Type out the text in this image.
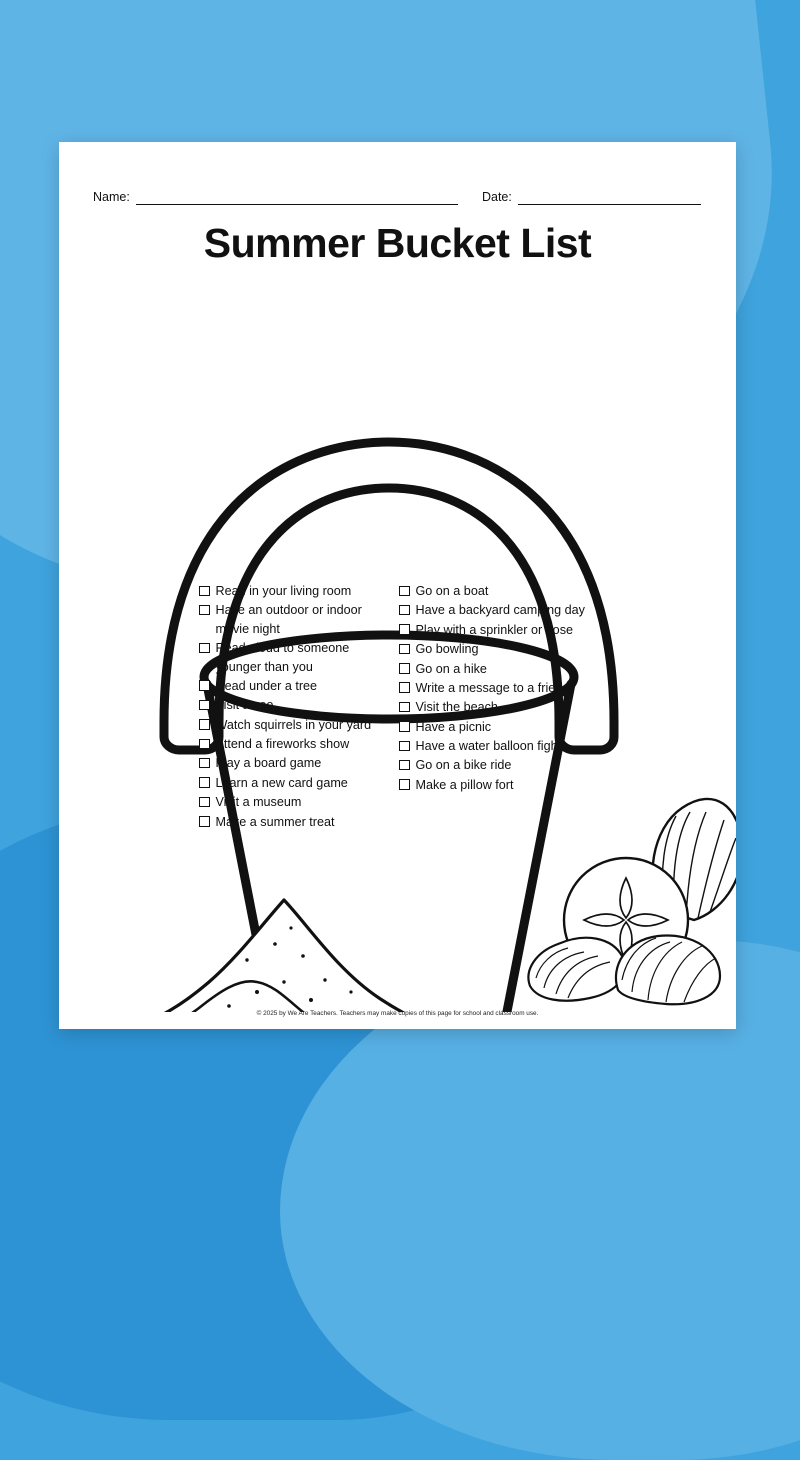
Name:	Date:
Summer Bucket List
Read in your living room
Have an outdoor or indoor movie night
Read aloud to someone younger than you
Read under a tree
Visit a zoo
Watch squirrels in your yard
Attend a fireworks show
Play a board game
Learn a new card game
Visit a museum
Make a summer treat
Go on a boat
Have a backyard camping day
Play with a sprinkler or hose
Go bowling
Go on a hike
Write a message to a friend
Visit the beach
Have a picnic
Have a water balloon fight
Go on a bike ride
Make a pillow fort
© 2025 by We Are Teachers. Teachers may make copies of this page for school and classroom use.
